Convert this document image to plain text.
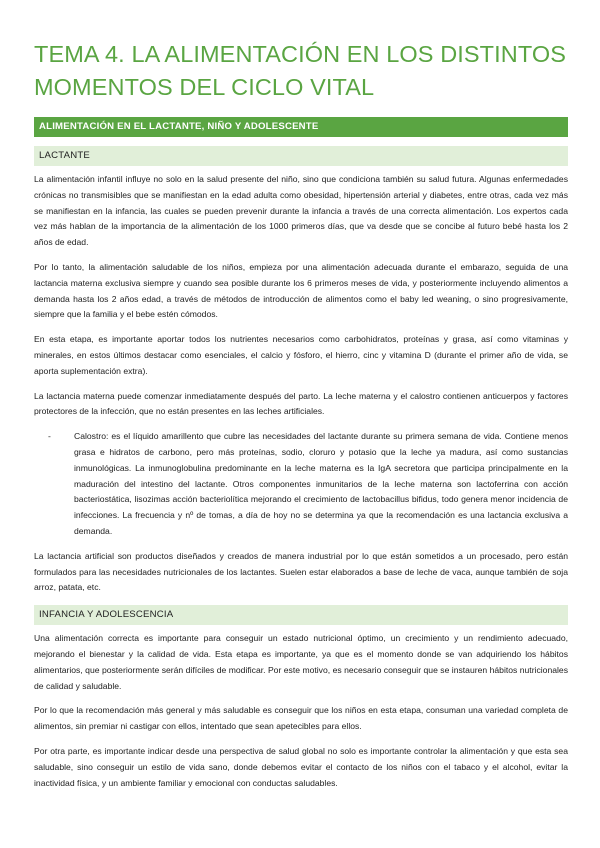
TEMA 4. LA ALIMENTACIÓN EN LOS DISTINTOS MOMENTOS DEL CICLO VITAL
ALIMENTACIÓN EN EL LACTANTE, NIÑO Y ADOLESCENTE
LACTANTE

La alimentación infantil influye no solo en la salud presente del niño, sino que condiciona también su salud futura. Algunas enfermedades crónicas no transmisibles que se manifiestan en la edad adulta como obesidad, hipertensión arterial y diabetes, entre otras, cada vez más se manifiestan en la infancia, las cuales se pueden prevenir durante la infancia a través de una correcta alimentación. Los expertos cada vez más hablan de la importancia de la alimentación de los 1000 primeros días, que va desde que se concibe al futuro bebé hasta los 2 años de edad.

Por lo tanto, la alimentación saludable de los niños, empieza por una alimentación adecuada durante el embarazo, seguida de una lactancia materna exclusiva siempre y cuando sea posible durante los 6 primeros meses de vida, y posteriormente incluyendo alimentos a demanda hasta los 2 años edad, a través de métodos de introducción de alimentos como el baby led weaning, o sino progresivamente, siempre que la familia y el bebe estén cómodos.

En esta etapa, es importante aportar todos los nutrientes necesarios como carbohidratos, proteínas y grasa, así como vitaminas y minerales, en estos últimos destacar como esenciales, el calcio y fósforo, el hierro, cinc y vitamina D (durante el primer año de vida, se aporta suplementación extra).

La lactancia materna puede comenzar inmediatamente después del parto. La leche materna y el calostro contienen anticuerpos y factores protectores de la infección, que no están presentes en las leches artificiales.

-	Calostro: es el líquido amarillento que cubre las necesidades del lactante durante su primera semana de vida. Contiene menos grasa e hidratos de carbono, pero más proteínas, sodio, cloruro y potasio que la leche ya madura, así como sustancias inmunológicas. La inmunoglobulina predominante en la leche materna es la IgA secretora que participa principalmente en la maduración del intestino del lactante. Otros componentes inmunitarios de la leche materna son lactoferrina con acción bacteriostática, lisozimas acción bacteriolítica mejorando el crecimiento de lactobacillus bifidus, todo genera menor incidencia de infecciones. La frecuencia y nº de tomas, a día de hoy no se determina ya que la recomendación es una lactancia exclusiva a demanda.

La lactancia artificial son productos diseñados y creados de manera industrial por lo que están sometidos a un procesado, pero están formulados para las necesidades nutricionales de los lactantes. Suelen estar elaborados a base de leche de vaca, aunque también de soja arroz, patata, etc.

INFANCIA Y ADOLESCENCIA

Una alimentación correcta es importante para conseguir un estado nutricional óptimo, un crecimiento y un rendimiento adecuado, mejorando el bienestar y la calidad de vida. Esta etapa es importante, ya que es el momento donde se van adquiriendo los hábitos alimentarios, que posteriormente serán difíciles de modificar. Por este motivo, es necesario conseguir que se instauren hábitos nutricionales de calidad y saludable.

Por lo que la recomendación más general y más saludable es conseguir que los niños en esta etapa, consuman una variedad completa de alimentos, sin premiar ni castigar con ellos, intentado que sean apetecibles para ellos.

Por otra parte, es importante indicar desde una perspectiva de salud global no solo es importante controlar la alimentación y que esta sea saludable, sino conseguir un estilo de vida sano, donde debemos evitar el contacto de los niños con el tabaco y el alcohol, evitar la inactividad física, y un ambiente familiar y emocional con conductas saludables.
